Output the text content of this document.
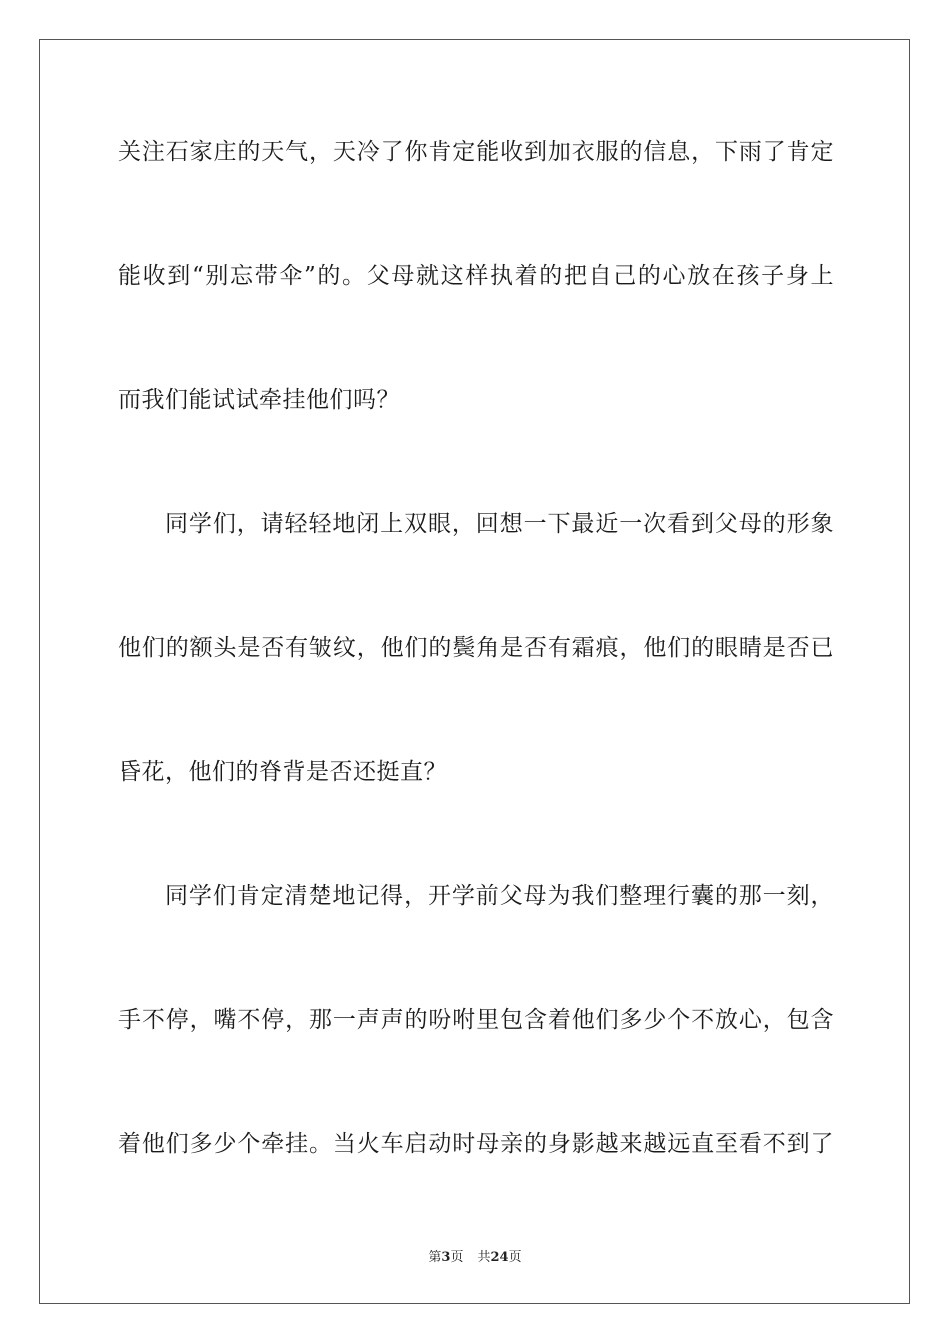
关注石家庄的天气，天冷了你肯定能收到加衣服的信息，下雨了肯定
能收到“别忘带伞”的。父母就这样执着的把自己的心放在孩子身上
而我们能试试牵挂他们吗？
同学们，请轻轻地闭上双眼，回想一下最近一次看到父母的形象
他们的额头是否有皱纹，他们的鬓角是否有霜痕，他们的眼睛是否已
昏花，他们的脊背是否还挺直？
同学们肯定清楚地记得，开学前父母为我们整理行囊的那一刻，
手不停，嘴不停，那一声声的吩咐里包含着他们多少个不放心，包含
着他们多少个牵挂。当火车启动时母亲的身影越来越远直至看不到了
第3页 共24页
